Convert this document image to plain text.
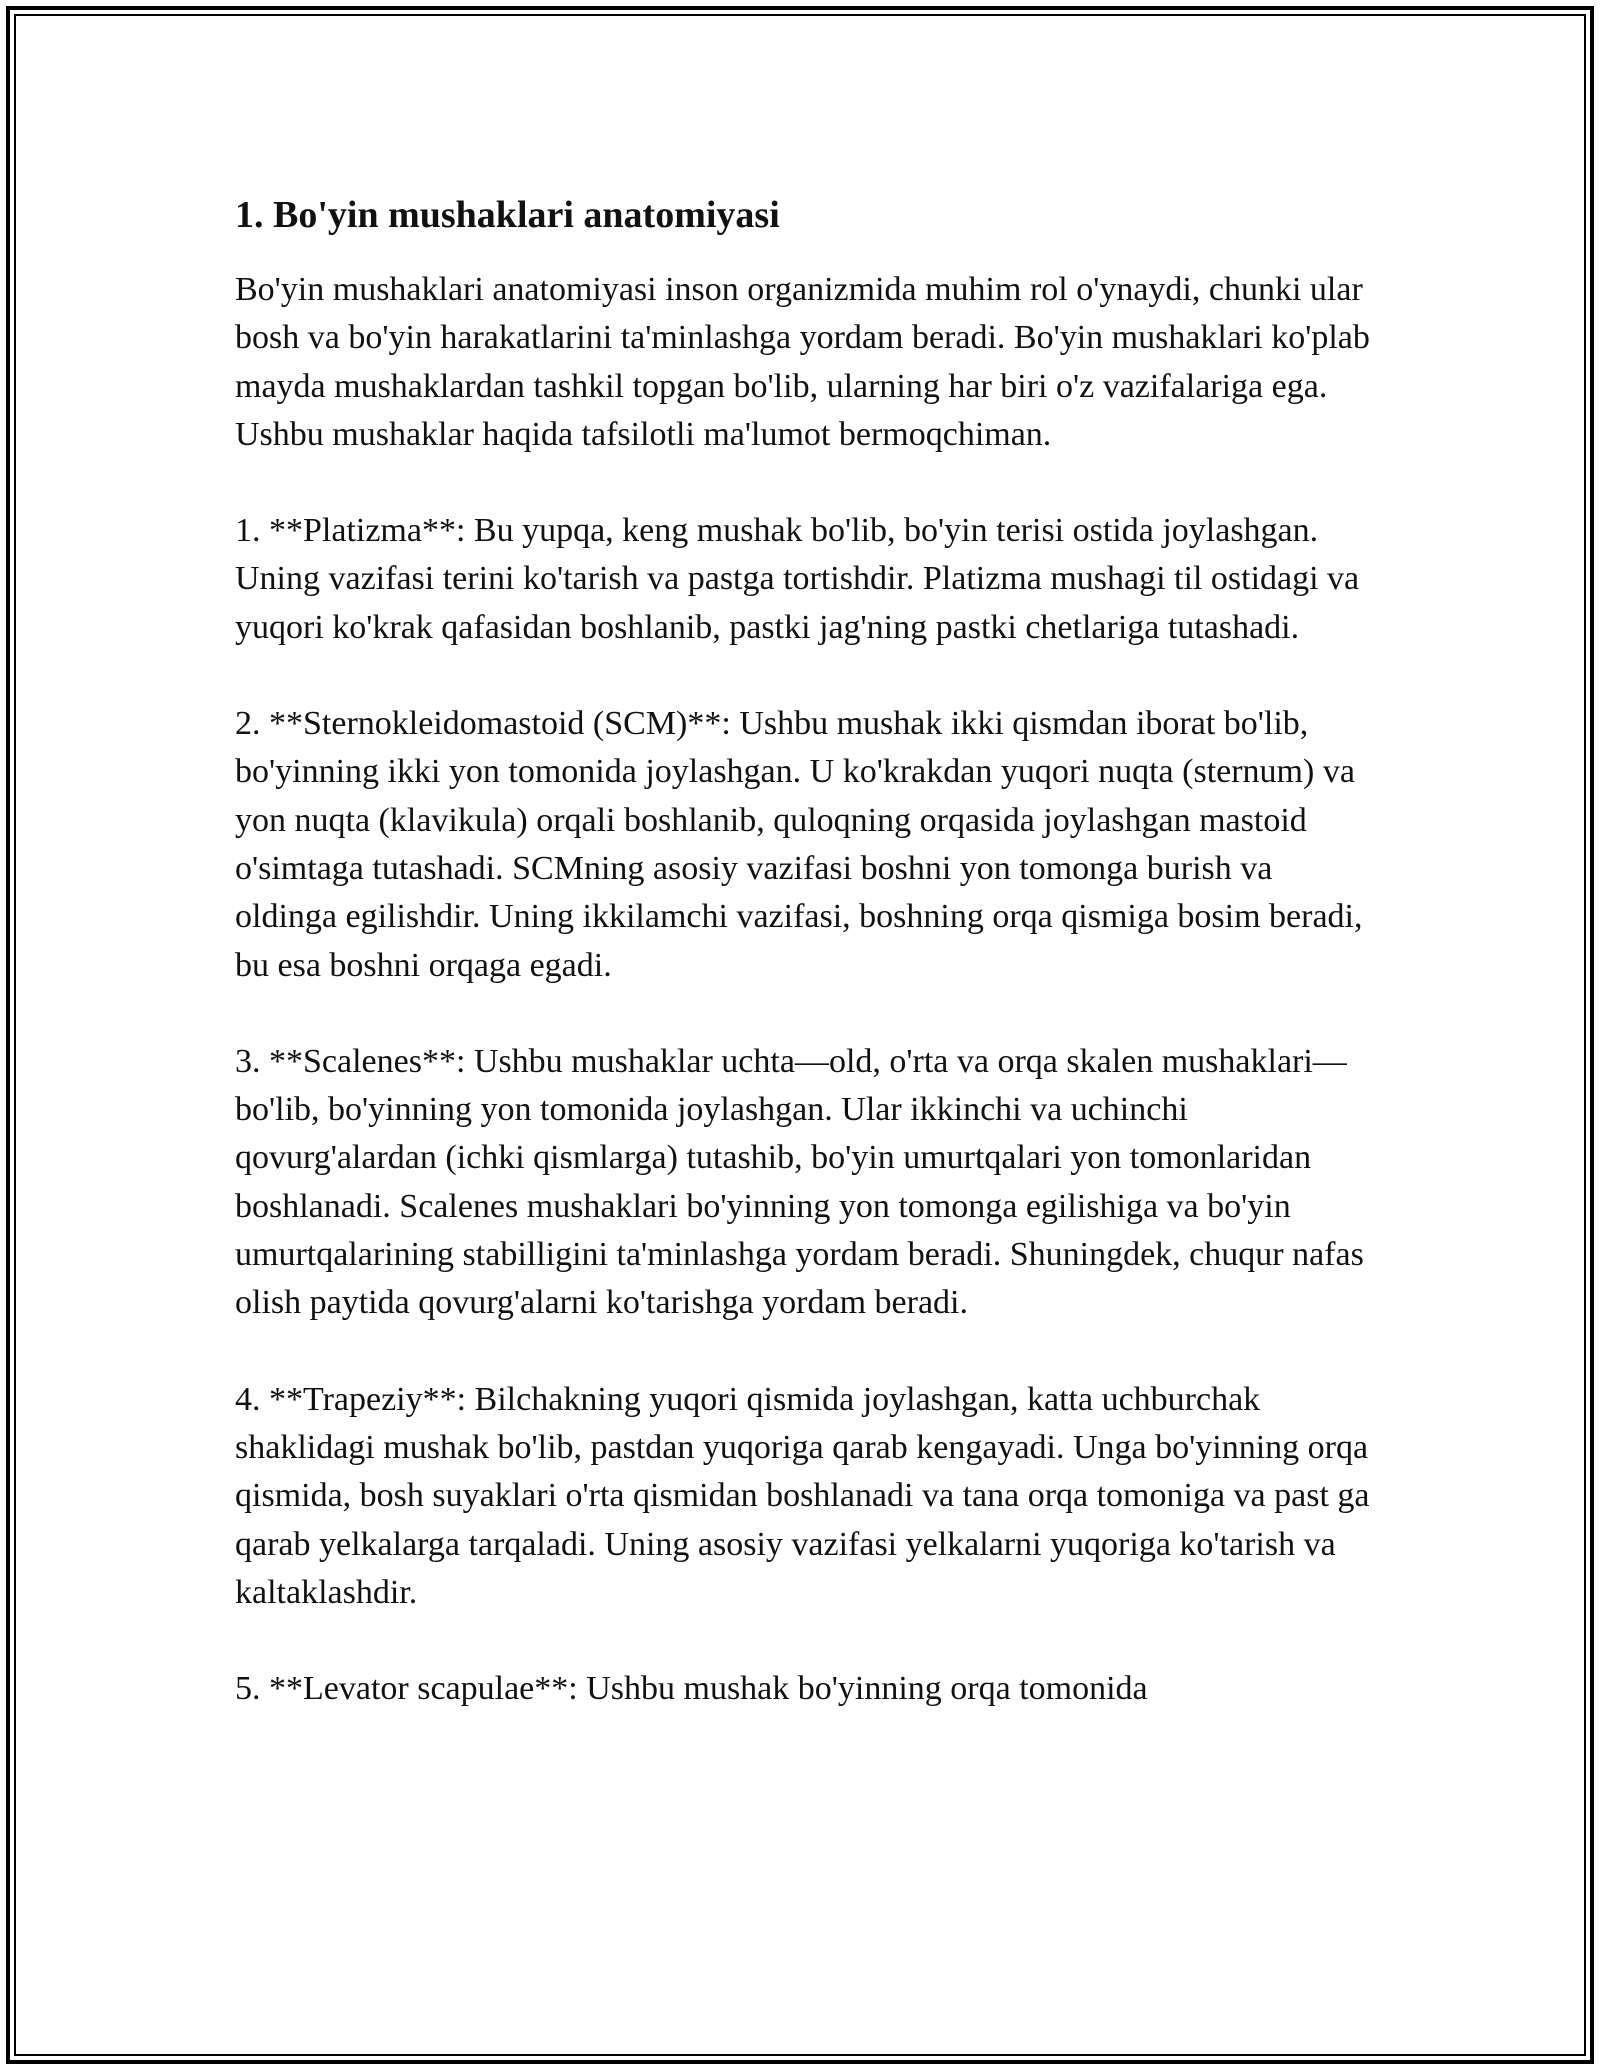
1. Bo'yin mushaklari anatomiyasi

Bo'yin mushaklari anatomiyasi inson organizmida muhim rol o'ynaydi, chunki ular bosh va bo'yin harakatlarini ta'minlashga yordam beradi. Bo'yin mushaklari ko'plab mayda mushaklardan tashkil topgan bo'lib, ularning har biri o'z vazifalariga ega. Ushbu mushaklar haqida tafsilotli ma'lumot bermoqchiman.

1. **Platizma**: Bu yupqa, keng mushak bo'lib, bo'yin terisi ostida joylashgan. Uning vazifasi terini ko'tarish va pastga tortishdir. Platizma mushagi til ostidagi va yuqori ko'krak qafasidan boshlanib, pastki jag'ning pastki chetlariga tutashadi.

2. **Sternokleidomastoid (SCM)**: Ushbu mushak ikki qismdan iborat bo'lib, bo'yinning ikki yon tomonida joylashgan. U ko'krakdan yuqori nuqta (sternum) va yon nuqta (klavikula) orqali boshlanib, quloqning orqasida joylashgan mastoid o'simtaga tutashadi. SCMning asosiy vazifasi boshni yon tomonga burish va oldinga egilishdir. Uning ikkilamchi vazifasi, boshning orqa qismiga bosim beradi, bu esa boshni orqaga egadi.

3. **Scalenes**: Ushbu mushaklar uchta—old, o'rta va orqa skalen mushaklari—bo'lib, bo'yinning yon tomonida joylashgan. Ular ikkinchi va uchinchi qovurg'alardan (ichki qismlarga) tutashib, bo'yin umurtqalari yon tomonlaridan boshlanadi. Scalenes mushaklari bo'yinning yon tomonga egilishiga va bo'yin umurtqalarining stabilligini ta'minlashga yordam beradi. Shuningdek, chuqur nafas olish paytida qovurg'alarni ko'tarishga yordam beradi.

4. **Trapeziy**: Bilchakning yuqori qismida joylashgan, katta uchburchak shaklidagi mushak bo'lib, pastdan yuqoriga qarab kengayadi. Unga bo'yinning orqa qismida, bosh suyaklari o'rta qismidan boshlanadi va tana orqa tomoniga va past ga qarab yelkalarga tarqaladi. Uning asosiy vazifasi yelkalarni yuqoriga ko'tarish va kaltaklashdir.

5. **Levator scapulae**: Ushbu mushak bo'yinning orqa tomonida
